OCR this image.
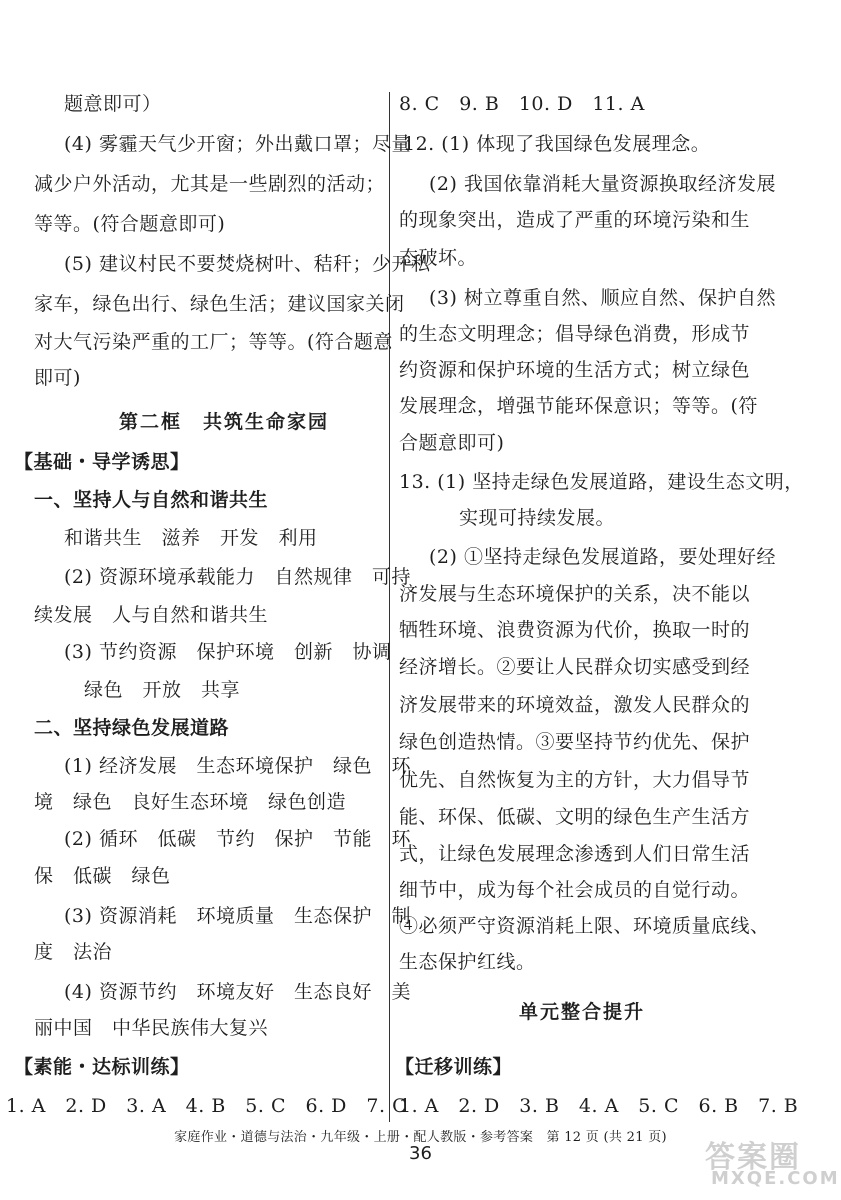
题意即可）
(4) 雾霾天气少开窗；外出戴口罩；尽量
减少户外活动，尤其是一些剧烈的活动；
等等。(符合题意即可)
(5) 建议村民不要焚烧树叶、秸秆；少开私
家车，绿色出行、绿色生活；建议国家关闭
对大气污染严重的工厂；等等。(符合题意
即可)
第二框　共筑生命家园
【基础・导学诱思】
一、坚持人与自然和谐共生
和谐共生　滋养　开发　利用
(2) 资源环境承载能力　自然规律　可持
续发展　人与自然和谐共生
(3) 节约资源　保护环境　创新　协调
绿色　开放　共享
二、坚持绿色发展道路
(1) 经济发展　生态环境保护　绿色　环
境　绿色　良好生态环境　绿色创造
(2) 循环　低碳　节约　保护　节能　环
保　低碳　绿色
(3) 资源消耗　环境质量　生态保护　制
度　法治
(4) 资源节约　环境友好　生态良好　美
丽中国　中华民族伟大复兴
【素能・达标训练】
1. A　2. D　3. A　4. B　5. C　6. D　7. C
8. C　9. B　10. D　11. A
12. (1) 体现了我国绿色发展理念。
(2) 我国依靠消耗大量资源换取经济发展
的现象突出，造成了严重的环境污染和生
态破坏。
(3) 树立尊重自然、顺应自然、保护自然
的生态文明理念；倡导绿色消费，形成节
约资源和保护环境的生活方式；树立绿色
发展理念，增强节能环保意识；等等。(符
合题意即可)
13. (1) 坚持走绿色发展道路，建设生态文明，
实现可持续发展。
(2) ①坚持走绿色发展道路，要处理好经
济发展与生态环境保护的关系，决不能以
牺牲环境、浪费资源为代价，换取一时的
经济增长。②要让人民群众切实感受到经
济发展带来的环境效益，激发人民群众的
绿色创造热情。③要坚持节约优先、保护
优先、自然恢复为主的方针，大力倡导节
能、环保、低碳、文明的绿色生产生活方
式，让绿色发展理念渗透到人们日常生活
细节中，成为每个社会成员的自觉行动。
④必须严守资源消耗上限、环境质量底线、
生态保护红线。
单元整合提升
【迁移训练】
1. A　2. D　3. B　4. A　5. C　6. B　7. B
家庭作业・道德与法治・九年级・上册・配人教版・参考答案　第 12 页 (共 21 页)
36	答案圈
MXQE.COM
